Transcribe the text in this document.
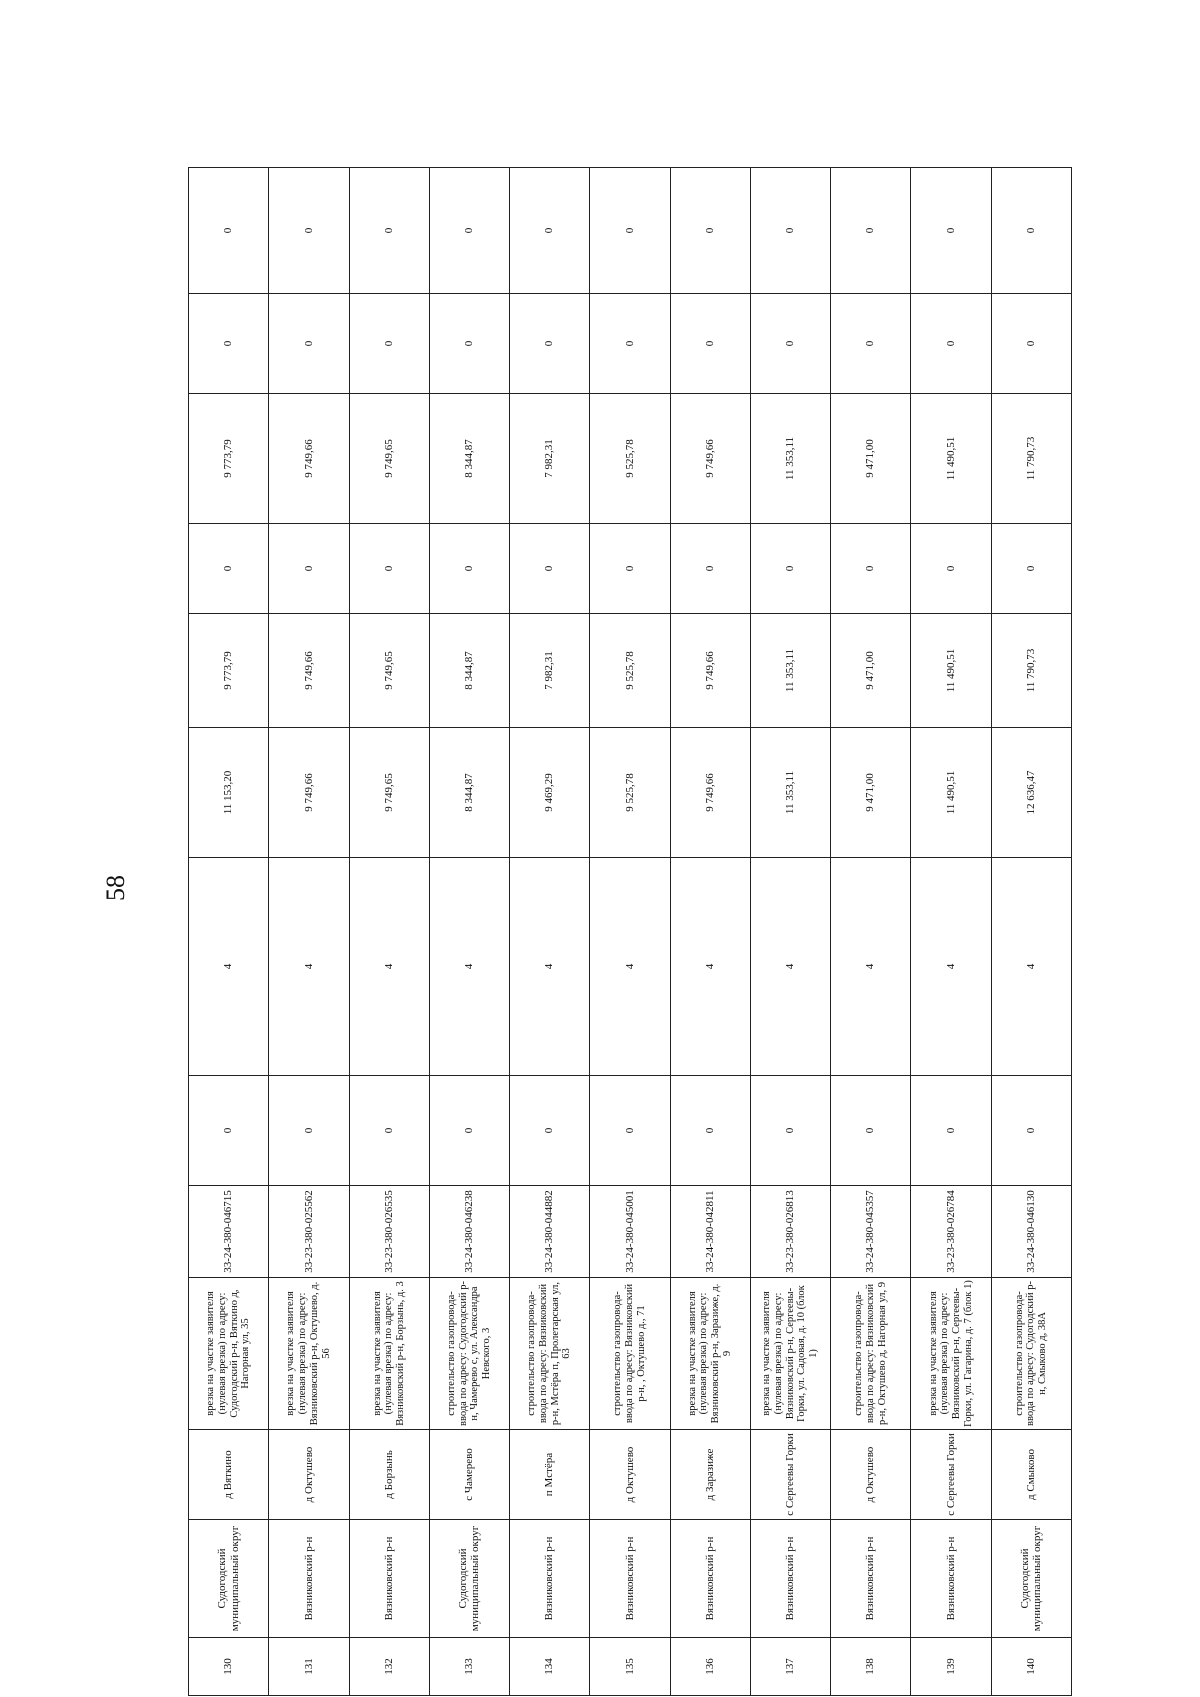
58
130	Судогодский муниципальный округ	д Вяткино	врезка на участке заявителя (нулевая врезка) по адресу: Судогодский р-н, Вяткино д, Нагорная ул, 35	33-24-380-046715	0	4	11 153,20	9 773,79	0	9 773,79	0	0
131	Вязниковский р-н	д Октушево	врезка на участке заявителя (нулевая врезка) по адресу: Вязниковский р-н, Октушево, д. 56	33-23-380-025562	0	4	9 749,66	9 749,66	0	9 749,66	0	0
132	Вязниковский р-н	д Борзынь	врезка на участке заявителя (нулевая врезка) по адресу: Вязниковский р-н, Борзынь, д. 3	33-23-380-026535	0	4	9 749,65	9 749,65	0	9 749,65	0	0
133	Судогодский муниципальный округ	с Чамерево	строительство газопровода-ввода по адресу: Судогодский р-н, Чамерево с, ул. Александра Невского, 3	33-24-380-046238	0	4	8 344,87	8 344,87	0	8 344,87	0	0
134	Вязниковский р-н	п Мстёра	строительство газопровода-ввода по адресу: Вязниковский р-н, Мстёра п, Пролетарская ул, 63	33-24-380-044882	0	4	9 469,29	7 982,31	0	7 982,31	0	0
135	Вязниковский р-н	д Октушево	строительство газопровода-ввода по адресу: Вязниковский р-н, , Октушево д., 71	33-24-380-045001	0	4	9 525,78	9 525,78	0	9 525,78	0	0
136	Вязниковский р-н	д Заразиже	врезка на участке заявителя (нулевая врезка) по адресу: Вязниковский р-н, Заразиже, д. 9	33-24-380-042811	0	4	9 749,66	9 749,66	0	9 749,66	0	0
137	Вязниковский р-н	с Сергеевы Горки	врезка на участке заявителя (нулевая врезка) по адресу: Вязниковский р-н, Сергеевы-Горки, ул. Садовая, д. 10 (блок 1)	33-23-380-026813	0	4	11 353,11	11 353,11	0	11 353,11	0	0
138	Вязниковский р-н	д Октушево	строительство газопровода-ввода по адресу: Вязниковский р-н, Октушево д, Нагорная ул, 9	33-24-380-045357	0	4	9 471,00	9 471,00	0	9 471,00	0	0
139	Вязниковский р-н	с Сергеевы Горки	врезка на участке заявителя (нулевая врезка) по адресу: Вязниковский р-н, Сергеевы-Горки, ул. Гагарина, д. 7 (блок 1)	33-23-380-026784	0	4	11 490,51	11 490,51	0	11 490,51	0	0
140	Судогодский муниципальный округ	д Смыково	строительство газопровода-ввода по адресу: Судогодский р-н, Смыково д, 38А	33-24-380-046130	0	4	12 636,47	11 790,73	0	11 790,73	0	0
